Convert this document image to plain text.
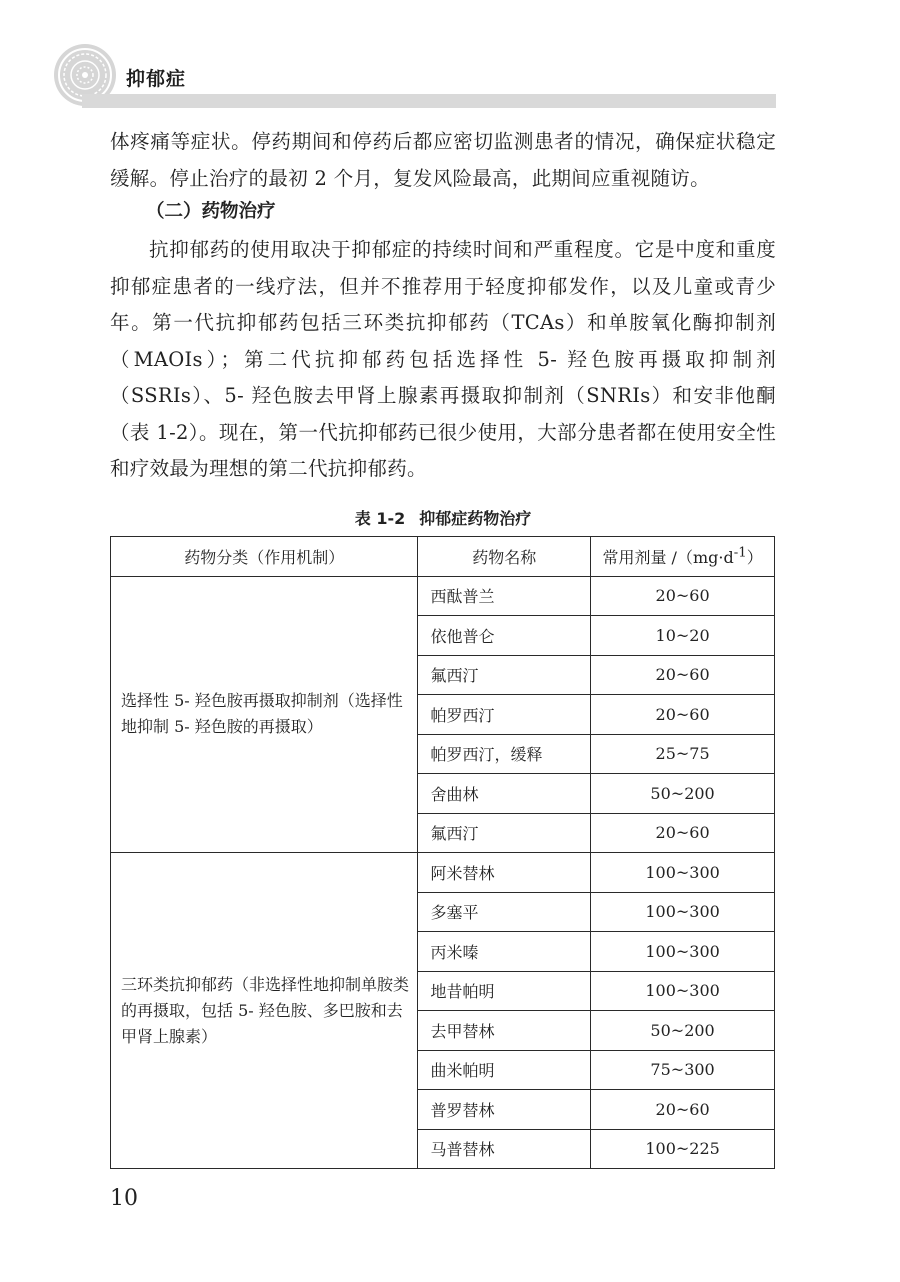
抑郁症

体疼痛等症状。停药期间和停药后都应密切监测患者的情况，确保症状稳定缓解。停止治疗的最初 2 个月，复发风险最高，此期间应重视随访。

（二）药物治疗

抗抑郁药的使用取决于抑郁症的持续时间和严重程度。它是中度和重度抑郁症患者的一线疗法，但并不推荐用于轻度抑郁发作，以及儿童或青少年。第一代抗抑郁药包括三环类抗抑郁药（TCAs）和单胺氧化酶抑制剂（MAOIs）；第二代抗抑郁药包括选择性 5- 羟色胺再摄取抑制剂（SSRIs）、5- 羟色胺去甲肾上腺素再摄取抑制剂（SNRIs）和安非他酮（表 1-2）。现在，第一代抗抑郁药已很少使用，大部分患者都在使用安全性和疗效最为理想的第二代抗抑郁药。

表 1-2 抑郁症药物治疗
药物分类（作用机制）	药物名称	常用剂量 $/(mg\cdot d^{-1})$
选择性 5- 羟色胺再摄取抑制剂（选择性地抑制 5- 羟色胺的再摄取）	西酞普兰	20~60
	依他普仑	10~20
	氟西汀	20~60
	帕罗西汀	20~60
	帕罗西汀，缓释	25~75
	舍曲林	50~200
	氟西汀	20~60
三环类抗抑郁药（非选择性地抑制单胺类的再摄取，包括 5- 羟色胺、多巴胺和去甲肾上腺素）	阿米替林	100~300
	多塞平	100~300
	丙米嗪	100~300
	地昔帕明	100~300
	去甲替林	50~200
	曲米帕明	75~300
	普罗替林	20~60
	马普替林	100~225
10
